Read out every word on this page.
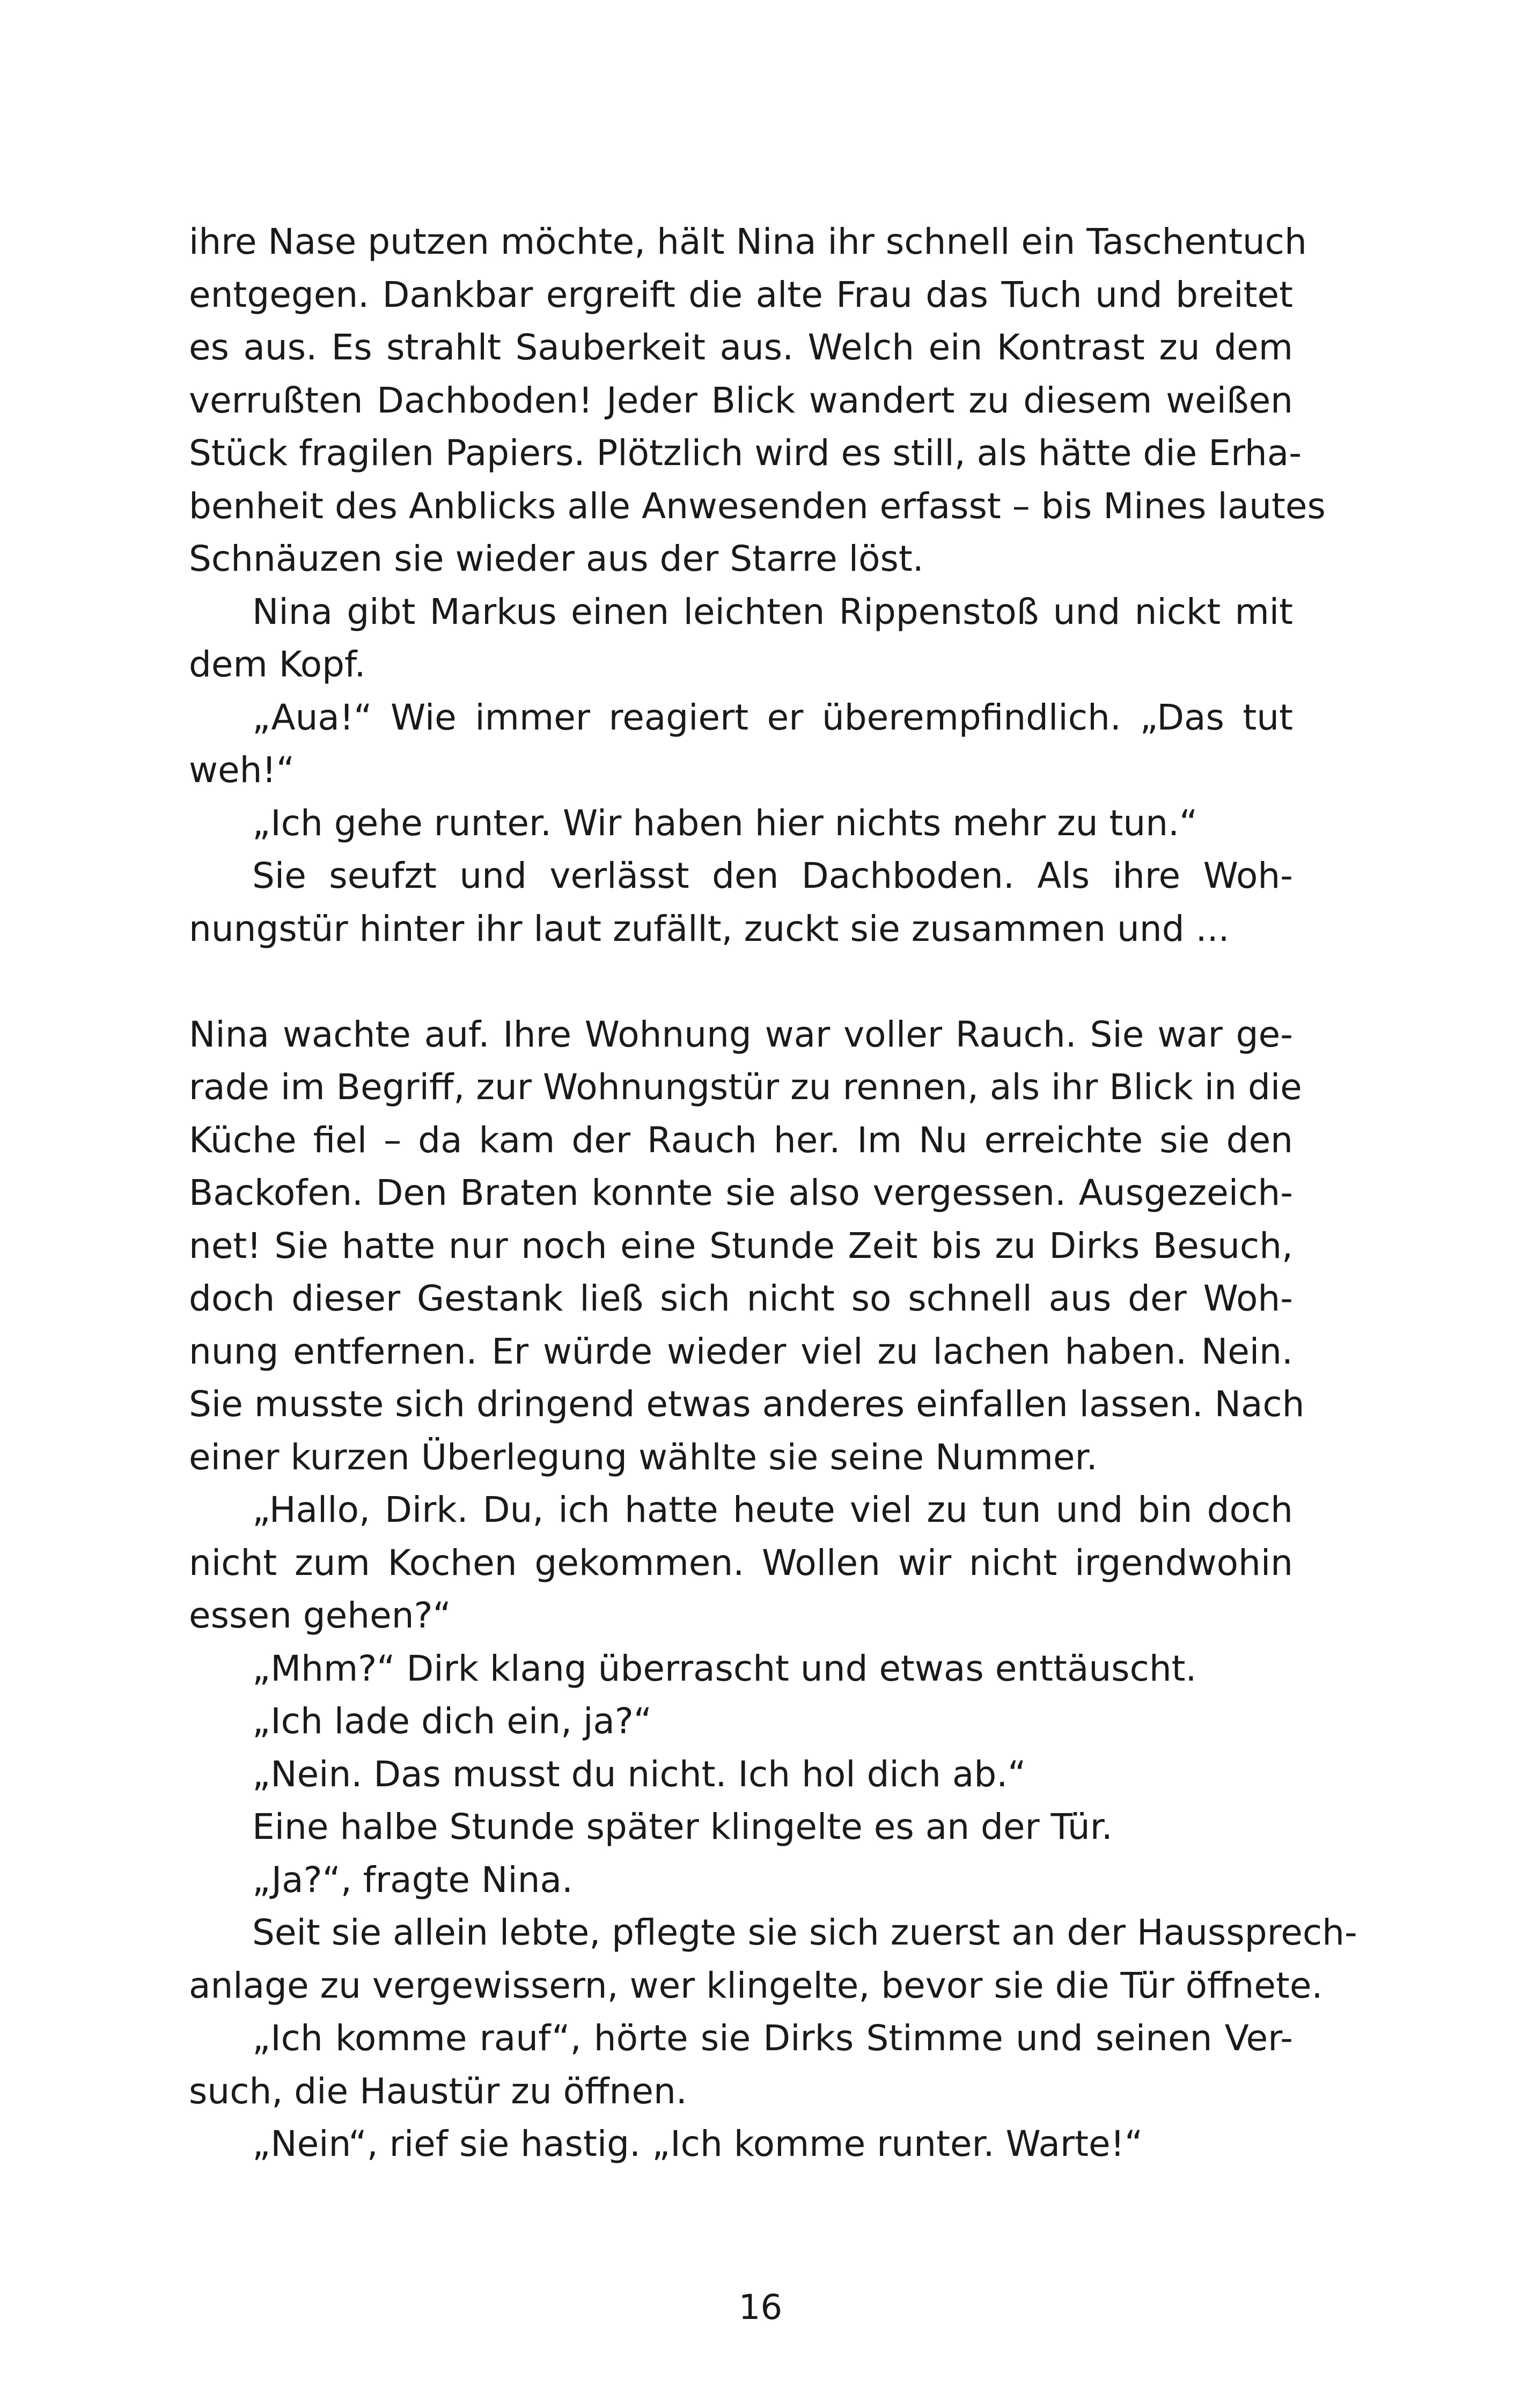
ihre Nase putzen möchte, hält Nina ihr schnell ein Taschentuch
entgegen. Dankbar ergreift die alte Frau das Tuch und breitet
es aus. Es strahlt Sauberkeit aus. Welch ein Kontrast zu dem
verrußten Dachboden! Jeder Blick wandert zu diesem weißen
Stück fragilen Papiers. Plötzlich wird es still, als hätte die Erha-
benheit des Anblicks alle Anwesenden erfasst – bis Mines lautes
Schnäuzen sie wieder aus der Starre löst.
Nina gibt Markus einen leichten Rippenstoß und nickt mit
dem Kopf.
„Aua!“ Wie immer reagiert er überempfindlich. „Das tut
weh!“
„Ich gehe runter. Wir haben hier nichts mehr zu tun.“
Sie seufzt und verlässt den Dachboden. Als ihre Woh-
nungstür hinter ihr laut zufällt, zuckt sie zusammen und ...
Nina wachte auf. Ihre Wohnung war voller Rauch. Sie war ge-
rade im Begriff, zur Wohnungstür zu rennen, als ihr Blick in die
Küche fiel – da kam der Rauch her. Im Nu erreichte sie den
Backofen. Den Braten konnte sie also vergessen. Ausgezeich-
net! Sie hatte nur noch eine Stunde Zeit bis zu Dirks Besuch,
doch dieser Gestank ließ sich nicht so schnell aus der Woh-
nung entfernen. Er würde wieder viel zu lachen haben. Nein.
Sie musste sich dringend etwas anderes einfallen lassen. Nach
einer kurzen Überlegung wählte sie seine Nummer.
„Hallo, Dirk. Du, ich hatte heute viel zu tun und bin doch
nicht zum Kochen gekommen. Wollen wir nicht irgendwohin
essen gehen?“
„Mhm?“ Dirk klang überrascht und etwas enttäuscht.
„Ich lade dich ein, ja?“
„Nein. Das musst du nicht. Ich hol dich ab.“
Eine halbe Stunde später klingelte es an der Tür.
„Ja?“, fragte Nina.
Seit sie allein lebte, pflegte sie sich zuerst an der Haussprech-
anlage zu vergewissern, wer klingelte, bevor sie die Tür öffnete.
„Ich komme rauf“, hörte sie Dirks Stimme und seinen Ver-
such, die Haustür zu öffnen.
„Nein“, rief sie hastig. „Ich komme runter. Warte!“
16
